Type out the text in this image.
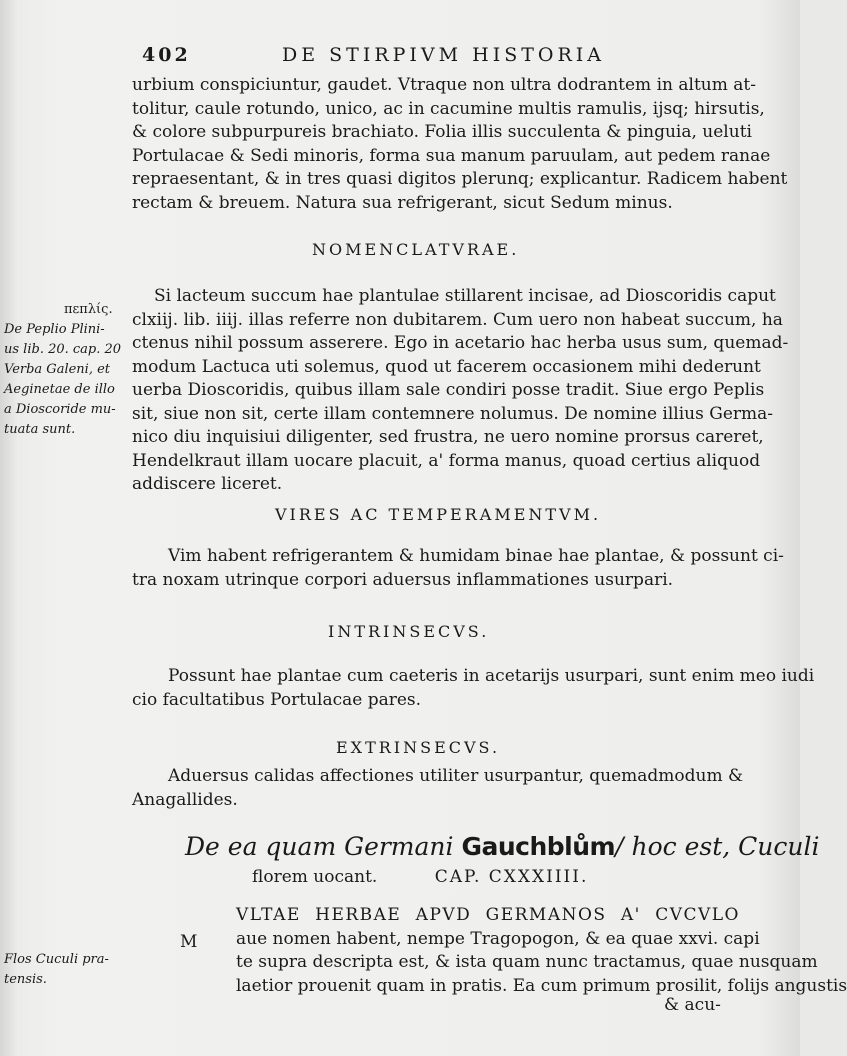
402	DE STIRPIVM HISTORIA
urbium conspiciuntur, gaudet. Vtraque non ultra dodrantem in altum at-
tolitur, caule rotundo, unico, ac in cacumine multis ramulis, ijsq; hirsutis,
& colore subpurpureis brachiato. Folia illis succulenta & pinguia, ueluti
Portulacae & Sedi minoris, forma sua manum paruulam, aut pedem ranae
repraesentant, & in tres quasi digitos plerunq; explicantur. Radicem habent
rectam & breuem. Natura sua refrigerant, sicut Sedum minus.
NOMENCLATVRAE.
Si lacteum succum hae plantulae stillarent incisae, ad Dioscoridis caput
clxiij. lib. iiij. illas referre non dubitarem. Cum uero non habeat succum, ha
ctenus nihil possum asserere. Ego in acetario hac herba usus sum, quemad-
modum Lactuca uti solemus, quod ut facerem occasionem mihi dederunt
uerba Dioscoridis, quibus illam sale condiri posse tradit. Siue ergo Peplis
sit, siue non sit, certe illam contemnere nolumus. De nomine illius Germa-
nico diu inquisiui diligenter, sed frustra, ne uero nomine prorsus careret,
Hendelkraut illam uocare placuit, a' forma manus, quoad certius aliquod
addiscere liceret.
πεπλίς.
De Peplio Plini-
us lib. 20. cap. 20
Verba Galeni, et
Aeginetae de illo
a Dioscoride mu-
tuata sunt.
VIRES AC TEMPERAMENTVM.
Vim habent refrigerantem & humidam binae hae plantae, & possunt ci-
tra noxam utrinque corpori aduersus inflammationes usurpari.
INTRINSECVS.
Possunt hae plantae cum caeteris in acetarijs usurpari, sunt enim meo iudi
cio facultatibus Portulacae pares.
EXTRINSECVS.
Aduersus calidas affectiones utiliter usurpantur, quemadmodum &
Anagallides.
De ea quam Germani Gauchblům/ hoc est, Cuculi
florem uocant.	CAP. CXXXIIII.
M
VLTAE HERBAE APVD GERMANOS A' CVCVLO
aue nomen habent, nempe Tragopogon, & ea quae xxvi. capi
te supra descripta est, & ista quam nunc tractamus, quae nusquam
laetior prouenit quam in pratis. Ea cum primum prosilit, folijs angustis
& acu-
Flos Cuculi pra-
tensis.
